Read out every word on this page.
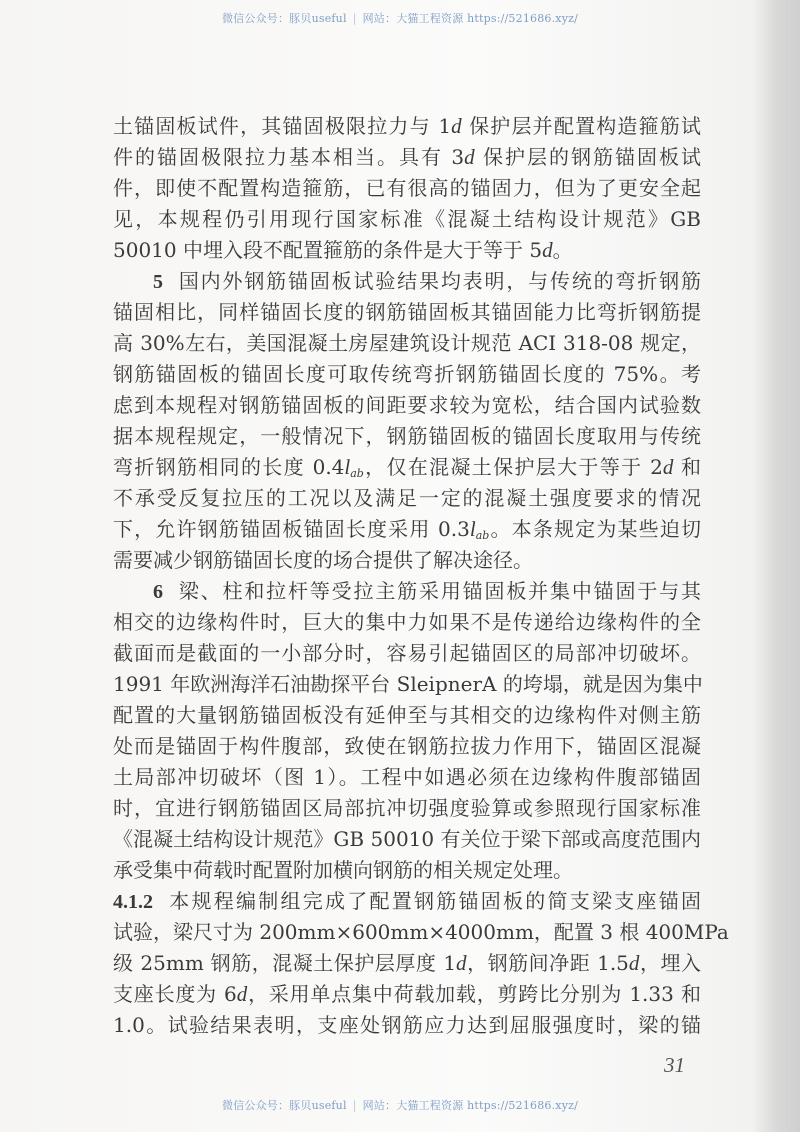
微信公众号：豚贝useful | 网站：大猫工程资源 https://521686.xyz/
土锚固板试件，其锚固极限拉力与 1d 保护层并配置构造箍筋试
件的锚固极限拉力基本相当。具有 3d 保护层的钢筋锚固板试
件，即使不配置构造箍筋，已有很高的锚固力，但为了更安全起
见，本规程仍引用现行国家标准《混凝土结构设计规范》GB
50010 中埋入段不配置箍筋的条件是大于等于 5d。
5 国内外钢筋锚固板试验结果均表明，与传统的弯折钢筋
锚固相比，同样锚固长度的钢筋锚固板其锚固能力比弯折钢筋提
高 30%左右，美国混凝土房屋建筑设计规范 ACI 318-08 规定，
钢筋锚固板的锚固长度可取传统弯折钢筋锚固长度的 75%。考
虑到本规程对钢筋锚固板的间距要求较为宽松，结合国内试验数
据本规程规定，一般情况下，钢筋锚固板的锚固长度取用与传统
弯折钢筋相同的长度 $0.4l_{ab}$，仅在混凝土保护层大于等于 2d 和
不承受反复拉压的工况以及满足一定的混凝土强度要求的情况
下，允许钢筋锚固板锚固长度采用 $0.3l_{ab}$。本条规定为某些迫切
需要减少钢筋锚固长度的场合提供了解决途径。
6 梁、柱和拉杆等受拉主筋采用锚固板并集中锚固于与其
相交的边缘构件时，巨大的集中力如果不是传递给边缘构件的全
截面而是截面的一小部分时，容易引起锚固区的局部冲切破坏。
1991 年欧洲海洋石油勘探平台 SleipnerA 的垮塌，就是因为集中
配置的大量钢筋锚固板没有延伸至与其相交的边缘构件对侧主筋
处而是锚固于构件腹部，致使在钢筋拉拔力作用下，锚固区混凝
土局部冲切破坏（图 1）。工程中如遇必须在边缘构件腹部锚固
时，宜进行钢筋锚固区局部抗冲切强度验算或参照现行国家标准
《混凝土结构设计规范》GB 50010 有关位于梁下部或高度范围内
承受集中荷载时配置附加横向钢筋的相关规定处理。
4.1.2 本规程编制组完成了配置钢筋锚固板的简支梁支座锚固
试验，梁尺寸为 200mm×600mm×4000mm，配置 3 根 400MPa
级 25mm 钢筋，混凝土保护层厚度 1d，钢筋间净距 1.5d，埋入
支座长度为 6d，采用单点集中荷载加载，剪跨比分别为 1.33 和
1.0。试验结果表明，支座处钢筋应力达到屈服强度时，梁的锚
31
微信公众号：豚贝useful | 网站：大猫工程资源 https://521686.xyz/
